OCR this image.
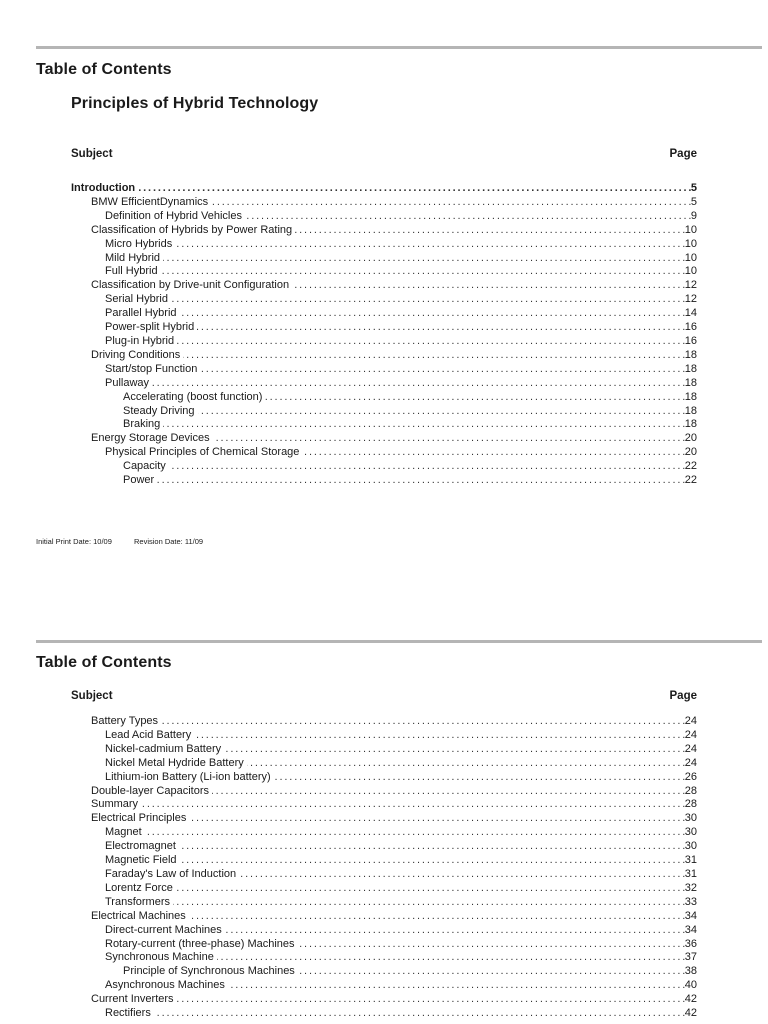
Table of Contents
Principles of Hybrid Technology
Subject	Page
Introduction . . .	5
BMW EfficientDynamics . . .	5
Definition of Hybrid Vehicles . . .	9
Classification of Hybrids by Power Rating . . .	10
Micro Hybrids . . .	10
Mild Hybrid . . .	10
Full Hybrid . . .	10
Classification by Drive-unit Configuration . . .	12
Serial Hybrid . . .	12
Parallel Hybrid . . .	14
Power-split Hybrid . . .	16
Plug-in Hybrid . . .	16
Driving Conditions . . .	18
Start/stop Function . . .	18
Pullaway . . .	18
Accelerating (boost function) . . .	18
Steady Driving . . .	18
Braking . . .	18
Energy Storage Devices . . .	20
Physical Principles of Chemical Storage . . .	20
Capacity . . .	22
Power . . .	22
Initial Print Date: 10/09	Revision Date: 11/09
Table of Contents
Subject	Page
Battery Types . . .	24
Lead Acid Battery . . .	24
Nickel-cadmium Battery . . .	24
Nickel Metal Hydride Battery . . .	24
Lithium-ion Battery (Li-ion battery) . . .	26
Double-layer Capacitors . . .	28
Summary . . .	28
Electrical Principles . . .	30
Magnet . . .	30
Electromagnet . . .	30
Magnetic Field . . .	31
Faraday's Law of Induction . . .	31
Lorentz Force . . .	32
Transformers . . .	33
Electrical Machines . . .	34
Direct-current Machines . . .	34
Rotary-current (three-phase) Machines . . .	36
Synchronous Machine . . .	37
Principle of Synchronous Machines . . .	38
Asynchronous Machines . . .	40
Current Inverters . . .	42
Rectifiers . . .	42
